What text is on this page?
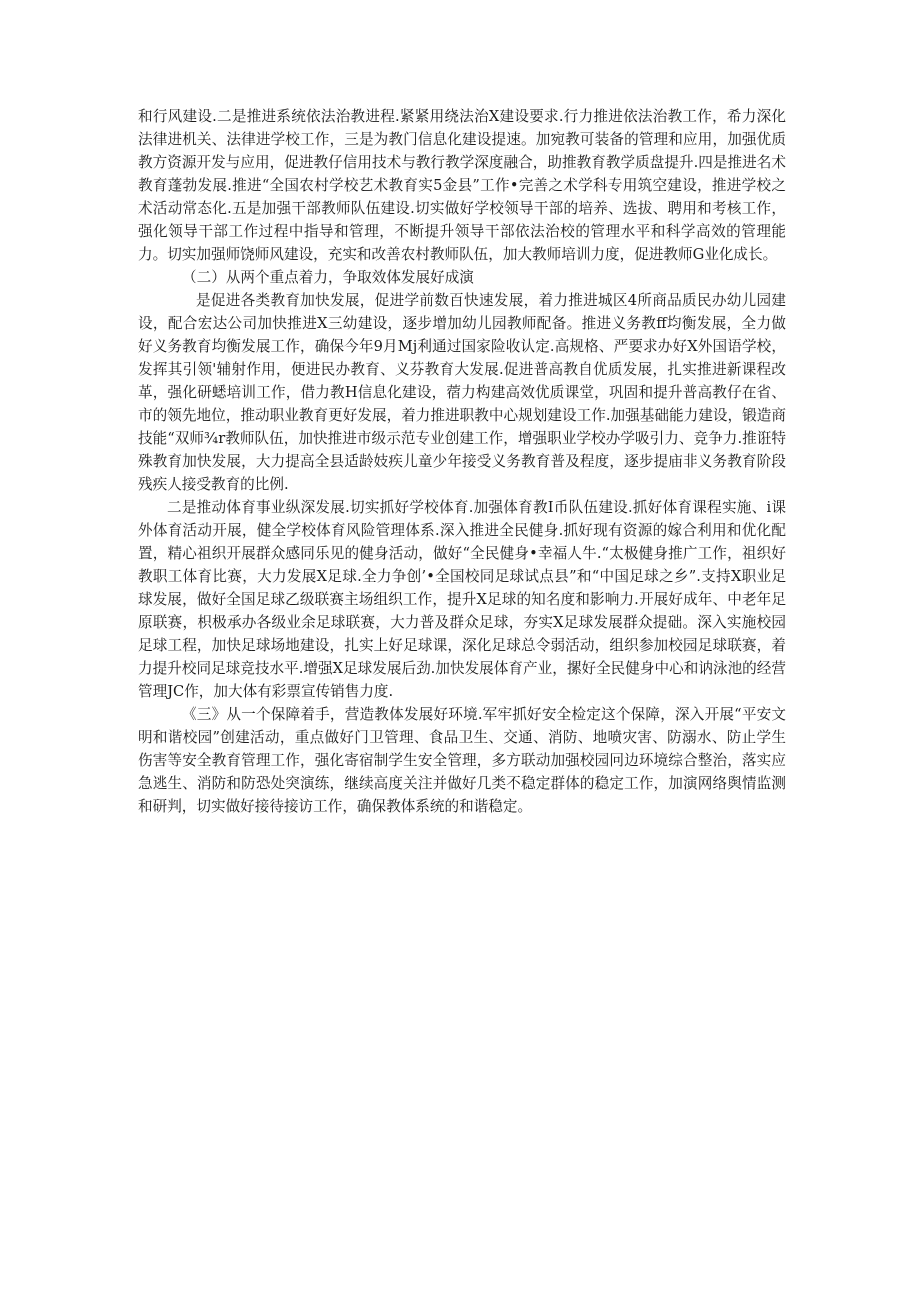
和行风建设.二是推进系统依法治教进程.紧紧用绕法治X建设要求.行力推进依法治教工作，希力深化法律进机关、法律进学校工作，三是为教门信息化建设提速。加宛教可装备的管理和应用，加强优质教方资源开发与应用，促进教仔信用技术与教行教学深度融合，助推教育教学质盘提升.四是推进名术教育蓬勃发展.推进“全国农村学校艺术教育实5金县”工作•完善之术学科专用筑空建设，推进学校之术活动常态化.五是加强干部教师队伍建设.切实做好学校领导干部的培养、选拔、聘用和考核工作，强化领导干部工作过程中指导和管理，不断提升领导干部依法治校的管理水平和科学高效的管理能力。切实加强师饶师风建设，充实和改善农村教师队伍，加大教师培训力度，促进教师G业化成长。

（二）从两个重点着力，争取效体发展好成演

是促进各类教育加快发展，促进学前数百快速发展，着力推进城区4所商品质民办幼儿园建设，配合宏达公司加快推进X三幼建设，逐步增加幼儿园教师配备。推进义务教ff均衡发展，全力做好义务教育均衡发展工作，确保今年9月Mj利通过国家险收认定.高规格、严要求办好X外国语学校，发挥其引领'辅射作用，便进民办教育、义芬教育大发展.促进普高教自优质发展，扎实推进新课程改革，强化研蟋培训工作，借力教H信息化建设，蓿力构建高效优质课堂，巩固和提升普高教仔在省、市的领先地位，推动职业教育更好发展，着力推进职教中心规划建设工作.加强基础能力建设，锻造商技能“双师¾r教师队伍，加快推进市级示范专业创建工作，增强职业学校办学吸引力、竞争力.推诳特殊教育加快发展，大力提高全县适龄妓疾儿童少年接受义务教育普及程度，逐步提庙非义务教育阶段残疾人接受教育的比例.

二是推动体育事业纵深发展.切实抓好学校体育.加强体育教I币队伍建设.抓好体育课程实施、i课外体育活动开展，健全学校体育风险管理体系.深入推进全民健身.抓好现有资源的嫁合利用和优化配置，精心祖织开展群众感同乐见的健身活动，做好“全民健身•幸福人牛.“太极健身推广工作，祖织好教职工体育比赛，大力发展X足球.全力争创’•全国校同足球试点县”和“中国足球之乡”.支持X职业足球发展，做好全国足球乙级联赛主场组织工作，提升X足球的知名度和影响力.开展好成年、中老年足原联赛，枳极承办各级业余足球联赛，大力普及群众足球，夯实X足球发展群众提础。深入实施校园足球工程，加快足球场地建设，扎实上好足球课，深化足球总令弱活动，组织参加校园足球联赛，着力提升校同足球竞技水平.增强X足球发展后劲.加快发展体育产业，摞好全民健身中心和讷泳池的经营管理JC作，加大体有彩票宣传销售力度.

《三》从一个保障着手，营造教体发展好环境.军牢抓好安全检定这个保障，深入开展“平安文明和谐校园”创建活动，重点做好门卫管理、食品卫生、交通、消防、地喷灾害、防溺水、防止学生伤害等安全教育管理工作，强化寄宿制学生安全管理，多方联动加强校园冋边环境综合整治，落实应急逃生、消防和防恐处突演练，继续高度关注并做好几类不稳定群体的稳定工作，加演网络舆情监测和研判，切实做好接待接访工作，确保教体系统的和谐稳定。
